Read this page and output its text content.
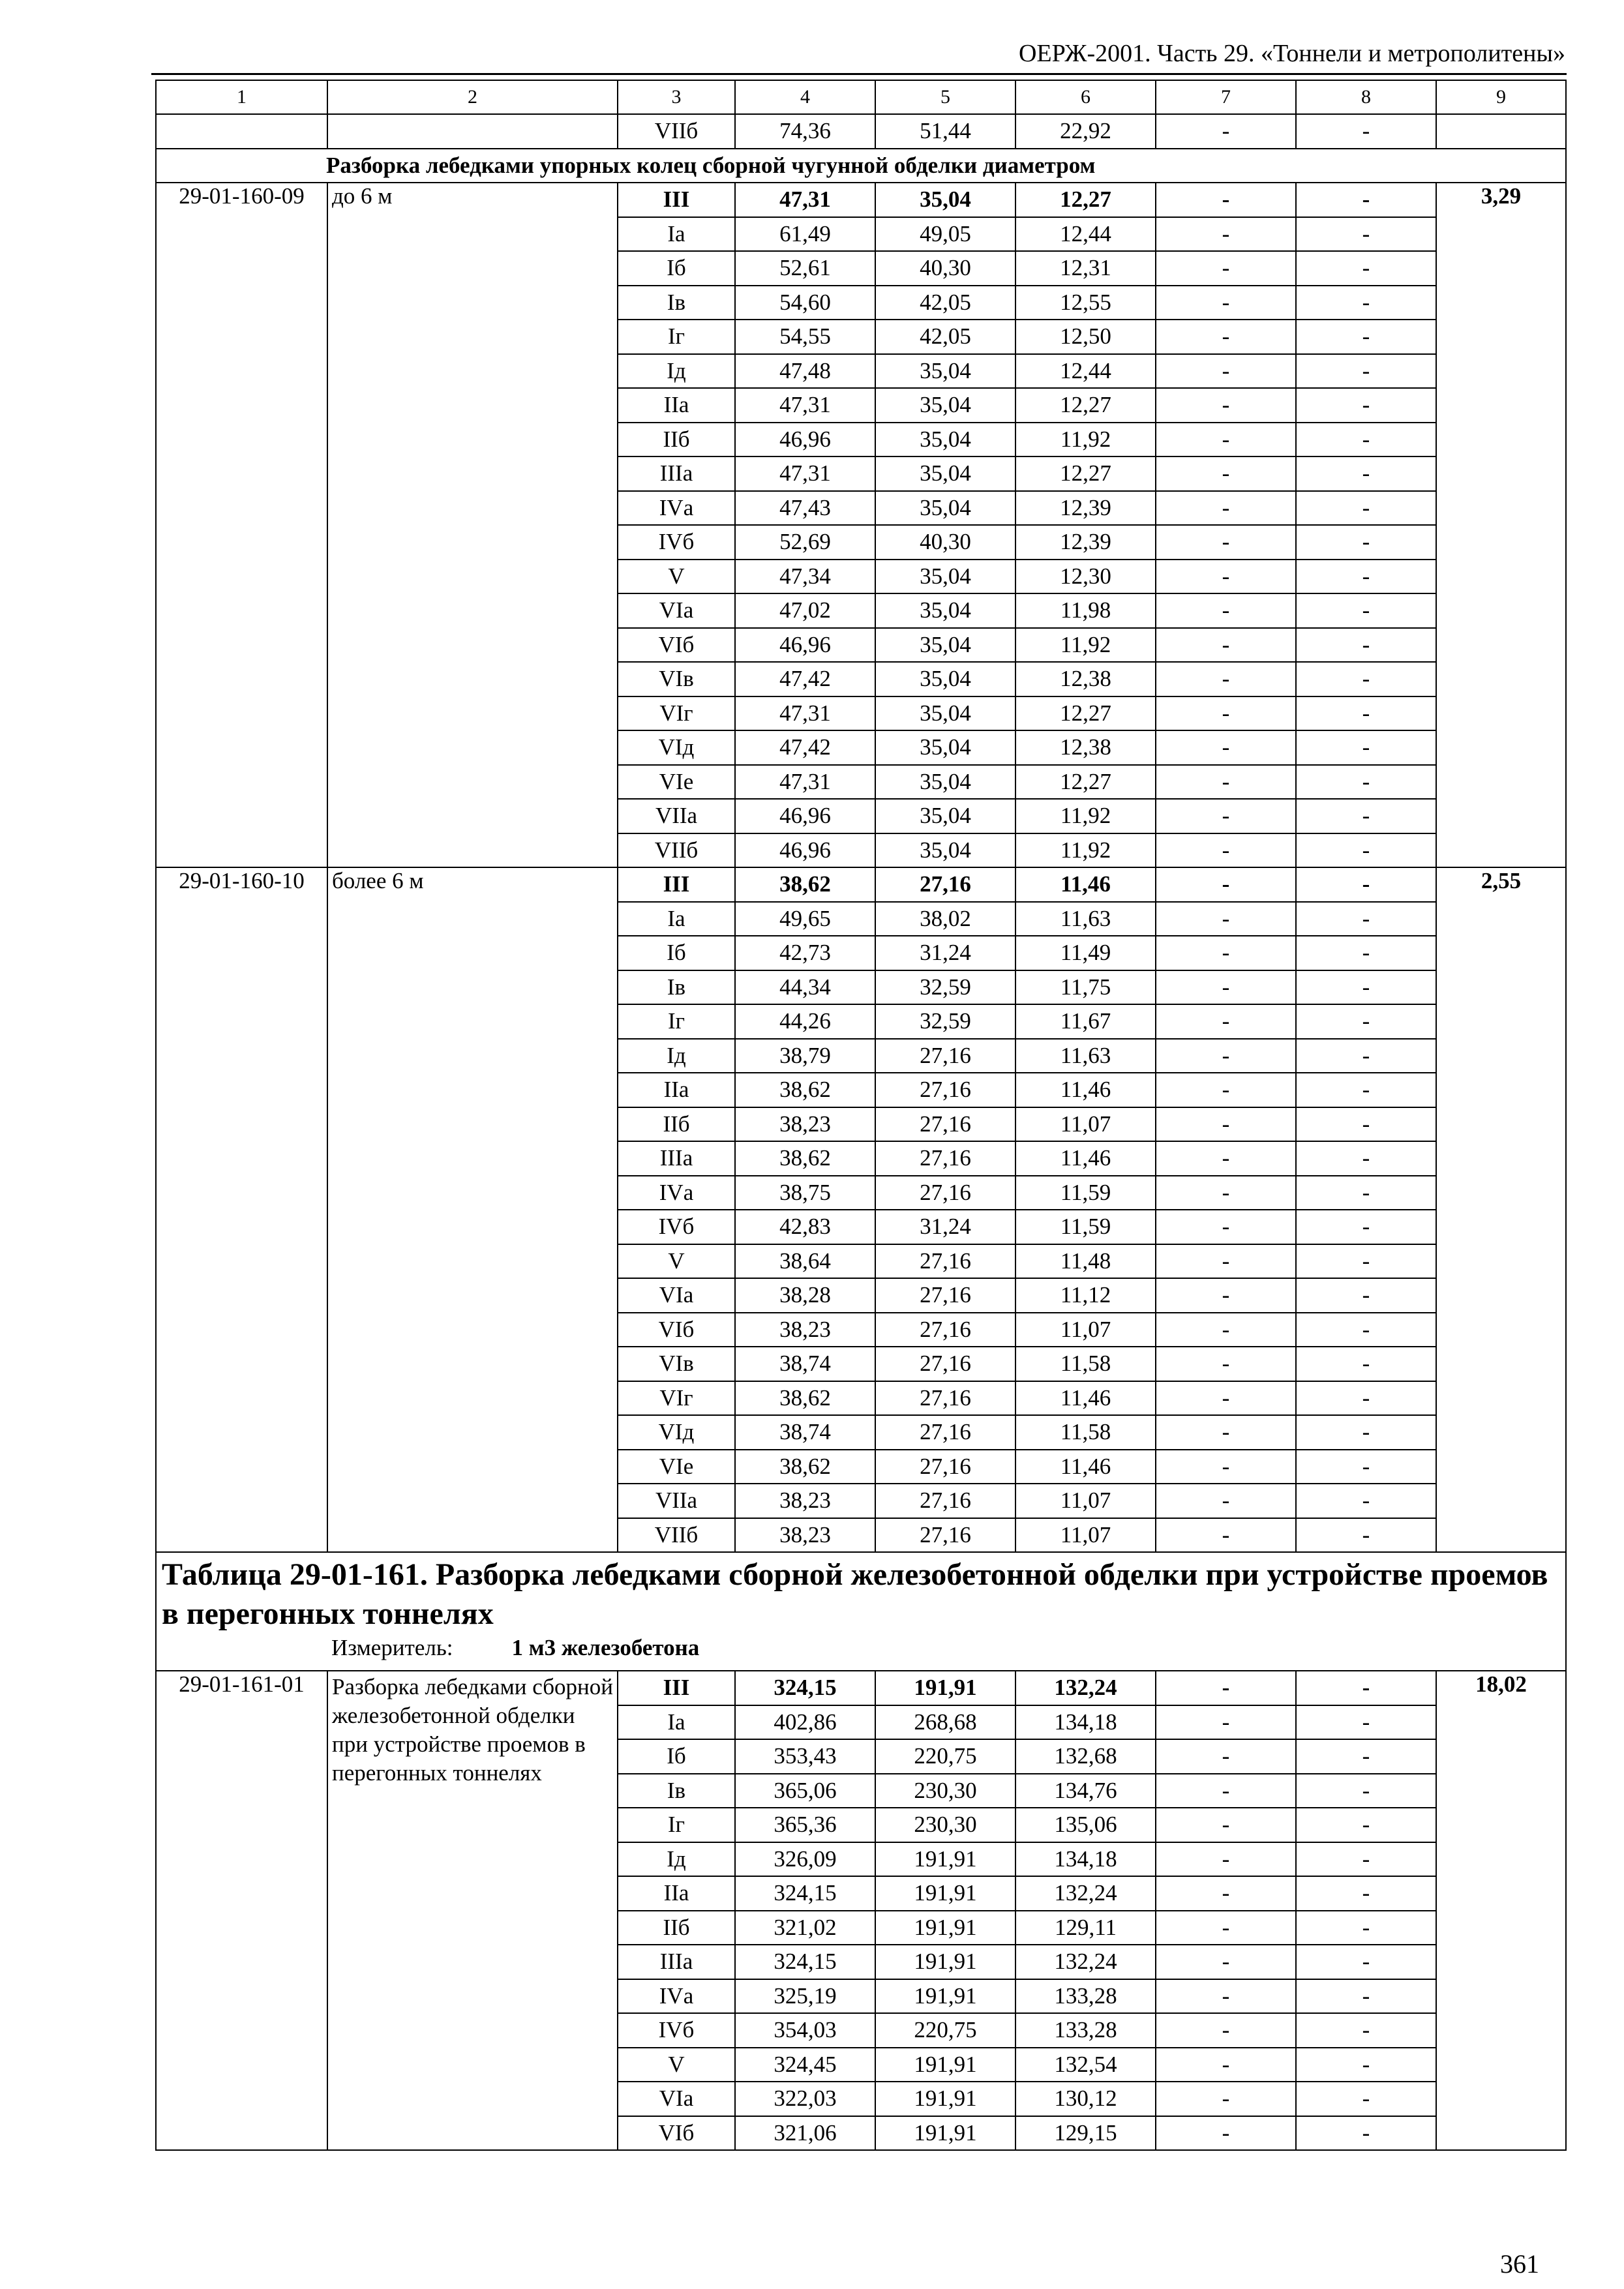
ОЕРЖ-2001. Часть 29. «Тоннели и метрополитены»
1	2	3	4	5	6	7	8	9
		VIIб	74,36	51,44	22,92	-	-	
Разборка лебедками упорных колец сборной чугунной обделки диаметром								
29-01-160-09	до 6 м	III	47,31	35,04	12,27	-	-	3,29
		Iа	61,49	49,05	12,44	-	-	
		Iб	52,61	40,30	12,31	-	-	
		Iв	54,60	42,05	12,55	-	-	
		Iг	54,55	42,05	12,50	-	-	
		Iд	47,48	35,04	12,44	-	-	
		IIа	47,31	35,04	12,27	-	-	
		IIб	46,96	35,04	11,92	-	-	
		IIIа	47,31	35,04	12,27	-	-	
		IVа	47,43	35,04	12,39	-	-	
		IVб	52,69	40,30	12,39	-	-	
		V	47,34	35,04	12,30	-	-	
		VIа	47,02	35,04	11,98	-	-	
		VIб	46,96	35,04	11,92	-	-	
		VIв	47,42	35,04	12,38	-	-	
		VIг	47,31	35,04	12,27	-	-	
		VIд	47,42	35,04	12,38	-	-	
		VIе	47,31	35,04	12,27	-	-	
		VIIа	46,96	35,04	11,92	-	-	
		VIIб	46,96	35,04	11,92	-	-	
29-01-160-10	более 6 м	III	38,62	27,16	11,46	-	-	2,55
		Iа	49,65	38,02	11,63	-	-	
		Iб	42,73	31,24	11,49	-	-	
		Iв	44,34	32,59	11,75	-	-	
		Iг	44,26	32,59	11,67	-	-	
		Iд	38,79	27,16	11,63	-	-	
		IIа	38,62	27,16	11,46	-	-	
		IIб	38,23	27,16	11,07	-	-	
		IIIа	38,62	27,16	11,46	-	-	
		IVа	38,75	27,16	11,59	-	-	
		IVб	42,83	31,24	11,59	-	-	
		V	38,64	27,16	11,48	-	-	
		VIа	38,28	27,16	11,12	-	-	
		VIб	38,23	27,16	11,07	-	-	
		VIв	38,74	27,16	11,58	-	-	
		VIг	38,62	27,16	11,46	-	-	
		VIд	38,74	27,16	11,58	-	-	
		VIе	38,62	27,16	11,46	-	-	
		VIIа	38,23	27,16	11,07	-	-	
		VIIб	38,23	27,16	11,07	-	-	

Таблица 29-01-161. Разборка лебедками сборной железобетонной обделки при устройстве проемов в перегонных тоннелях
Измеритель: 1 м3 железобетона								

29-01-161-01	Разборка лебедками сборной железобетонной обделки при устройстве проемов в перегонных тоннелях	III	324,15	191,91	132,24	-	-	18,02
		Iа	402,86	268,68	134,18	-	-	
		Iб	353,43	220,75	132,68	-	-	
		Iв	365,06	230,30	134,76	-	-	
		Iг	365,36	230,30	135,06	-	-	
		Iд	326,09	191,91	134,18	-	-	
		IIа	324,15	191,91	132,24	-	-	
		IIб	321,02	191,91	129,11	-	-	
		IIIа	324,15	191,91	132,24	-	-	
		IVа	325,19	191,91	133,28	-	-	
		IVб	354,03	220,75	133,28	-	-	
		V	324,45	191,91	132,54	-	-	
		VIа	322,03	191,91	130,12	-	-	
		VIб	321,06	191,91	129,15	-	-	
361
